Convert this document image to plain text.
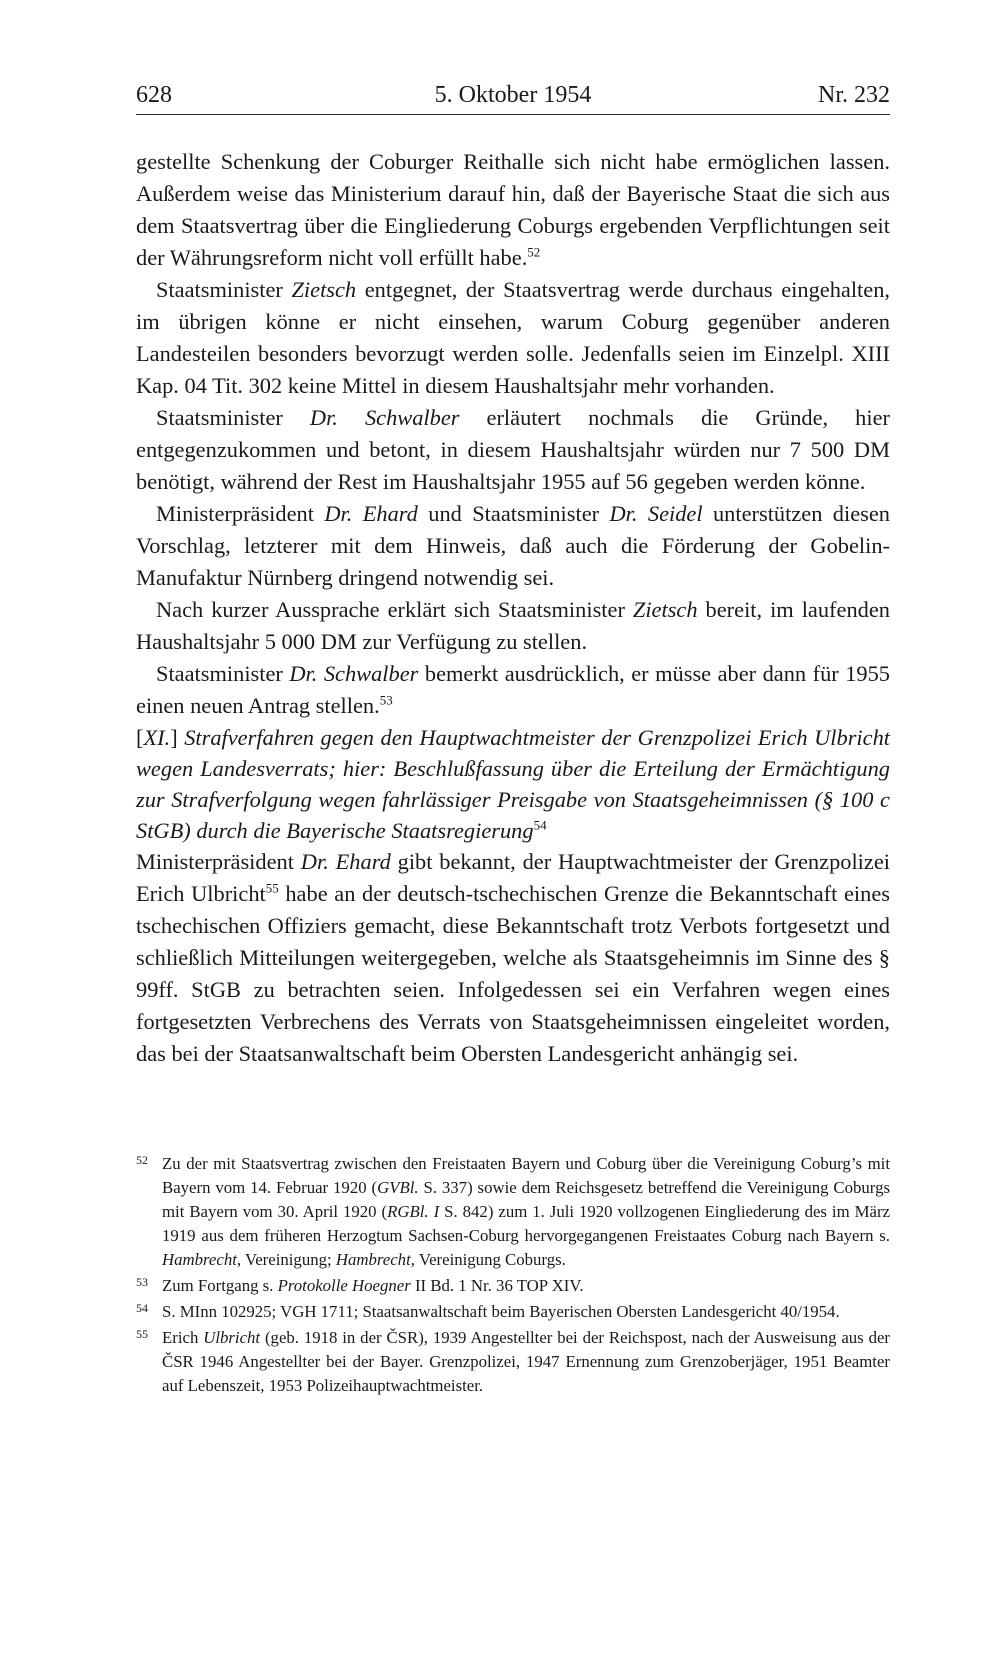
628	5. Oktober 1954	Nr. 232

gestellte Schenkung der Coburger Reithalle sich nicht habe ermöglichen lassen. Außerdem weise das Ministerium darauf hin, daß der Bayerische Staat die sich aus dem Staatsvertrag über die Eingliederung Coburgs ergebenden Verpflichtungen seit der Währungsreform nicht voll erfüllt habe.$^{52}$

Staatsminister Zietsch entgegnet, der Staatsvertrag werde durchaus eingehalten, im übrigen könne er nicht einsehen, warum Coburg gegenüber anderen Landesteilen besonders bevorzugt werden solle. Jedenfalls seien im Einzelpl. XIII Kap. 04 Tit. 302 keine Mittel in diesem Haushaltsjahr mehr vorhanden.

Staatsminister Dr. Schwalber erläutert nochmals die Gründe, hier entgegenzukommen und betont, in diesem Haushaltsjahr würden nur 7 500 DM benötigt, während der Rest im Haushaltsjahr 1955 auf 56 gegeben werden könne.

Ministerpräsident Dr. Ehard und Staatsminister Dr. Seidel unterstützen diesen Vorschlag, letzterer mit dem Hinweis, daß auch die Förderung der Gobelin-Manufaktur Nürnberg dringend notwendig sei.

Nach kurzer Aussprache erklärt sich Staatsminister Zietsch bereit, im laufenden Haushaltsjahr 5 000 DM zur Verfügung zu stellen.

Staatsminister Dr. Schwalber bemerkt ausdrücklich, er müsse aber dann für 1955 einen neuen Antrag stellen.$^{53}$

[XI.] Strafverfahren gegen den Hauptwachtmeister der Grenzpolizei Erich Ulbricht wegen Landesverrats; hier: Beschlußfassung über die Erteilung der Ermächtigung zur Strafverfolgung wegen fahrlässiger Preisgabe von Staatsgeheimnissen (§ 100 c StGB) durch die Bayerische Staatsregierung$^{54}$

Ministerpräsident Dr. Ehard gibt bekannt, der Hauptwachtmeister der Grenzpolizei Erich Ulbricht$^{55}$ habe an der deutsch-tschechischen Grenze die Bekanntschaft eines tschechischen Offiziers gemacht, diese Bekanntschaft trotz Verbots fortgesetzt und schließlich Mitteilungen weitergegeben, welche als Staatsgeheimnis im Sinne des § 99ff. StGB zu betrachten seien. Infolgedessen sei ein Verfahren wegen eines fortgesetzten Verbrechens des Verrats von Staatsgeheimnissen eingeleitet worden, das bei der Staatsanwaltschaft beim Obersten Landesgericht anhängig sei.

52 Zu der mit Staatsvertrag zwischen den Freistaaten Bayern und Coburg über die Vereinigung Coburg’s mit Bayern vom 14. Februar 1920 (GVBl. S. 337) sowie dem Reichsgesetz betreffend die Vereinigung Coburgs mit Bayern vom 30. April 1920 (RGBl. I S. 842) zum 1. Juli 1920 vollzogenen Eingliederung des im März 1919 aus dem früheren Herzogtum Sachsen-Coburg hervorgegangenen Freistaates Coburg nach Bayern s. Hambrecht, Vereinigung; Hambrecht, Vereinigung Coburgs.
53 Zum Fortgang s. Protokolle Hoegner II Bd. 1 Nr. 36 TOP XIV.
54 S. MInn 102925; VGH 1711; Staatsanwaltschaft beim Bayerischen Obersten Landesgericht 40/1954.
55 Erich Ulbricht (geb. 1918 in der ČSR), 1939 Angestellter bei der Reichspost, nach der Ausweisung aus der ČSR 1946 Angestellter bei der Bayer. Grenzpolizei, 1947 Ernennung zum Grenzoberjäger, 1951 Beamter auf Lebenszeit, 1953 Polizeihauptwachtmeister.
